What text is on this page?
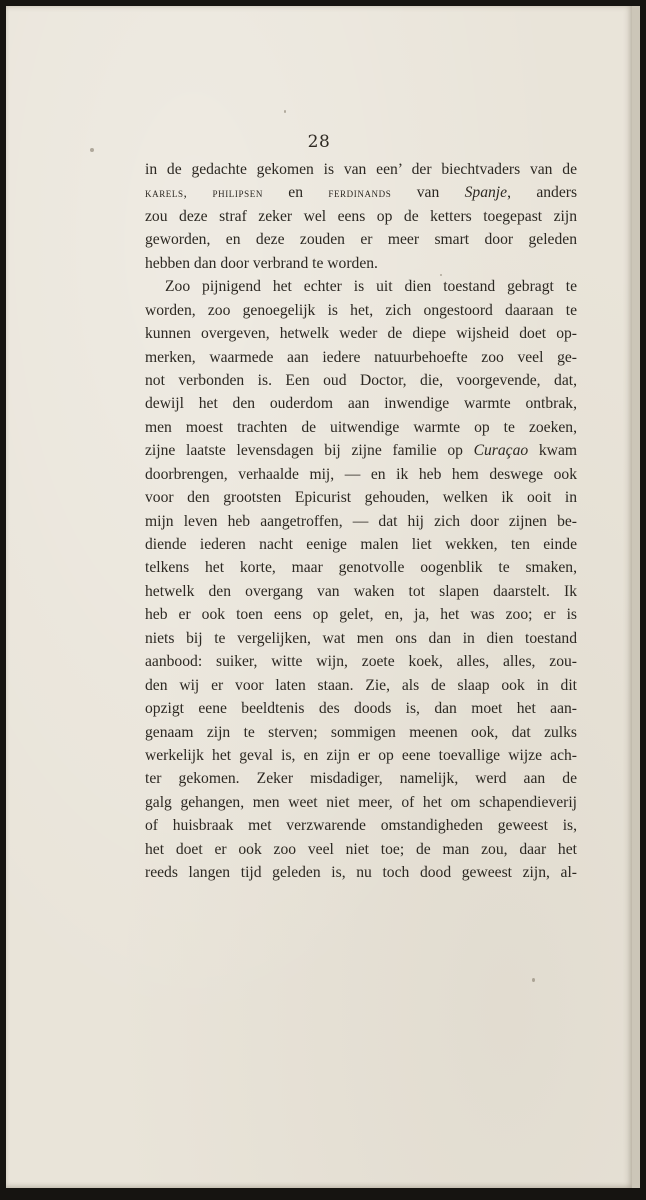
28
in de gedachte gekomen is van een’ der biechtvaders van de
karels, philipsen en ferdinands van Spanje, anders
zou deze straf zeker wel eens op de ketters toegepast zijn
geworden, en deze zouden er meer smart door geleden
hebben dan door verbrand te worden.
Zoo pijnigend het echter is uit dien toestand gebragt te
worden, zoo genoegelijk is het, zich ongestoord daaraan te
kunnen overgeven, hetwelk weder de diepe wijsheid doet op-
merken, waarmede aan iedere natuurbehoefte zoo veel ge-
not verbonden is. Een oud Doctor, die, voorgevende, dat,
dewijl het den ouderdom aan inwendige warmte ontbrak,
men moest trachten de uitwendige warmte op te zoeken,
zijne laatste levensdagen bij zijne familie op Curaçao kwam
doorbrengen, verhaalde mij, — en ik heb hem deswege ook
voor den grootsten Epicurist gehouden, welken ik ooit in
mijn leven heb aangetroffen, — dat hij zich door zijnen be-
diende iederen nacht eenige malen liet wekken, ten einde
telkens het korte, maar genotvolle oogenblik te smaken,
hetwelk den overgang van waken tot slapen daarstelt. Ik
heb er ook toen eens op gelet, en, ja, het was zoo; er is
niets bij te vergelijken, wat men ons dan in dien toestand
aanbood: suiker, witte wijn, zoete koek, alles, alles, zou-
den wij er voor laten staan. Zie, als de slaap ook in dit
opzigt eene beeldtenis des doods is, dan moet het aan-
genaam zijn te sterven; sommigen meenen ook, dat zulks
werkelijk het geval is, en zijn er op eene toevallige wijze ach-
ter gekomen. Zeker misdadiger, namelijk, werd aan de
galg gehangen, men weet niet meer, of het om schapendieverij
of huisbraak met verzwarende omstandigheden geweest is,
het doet er ook zoo veel niet toe; de man zou, daar het
reeds langen tijd geleden is, nu toch dood geweest zijn, al-
